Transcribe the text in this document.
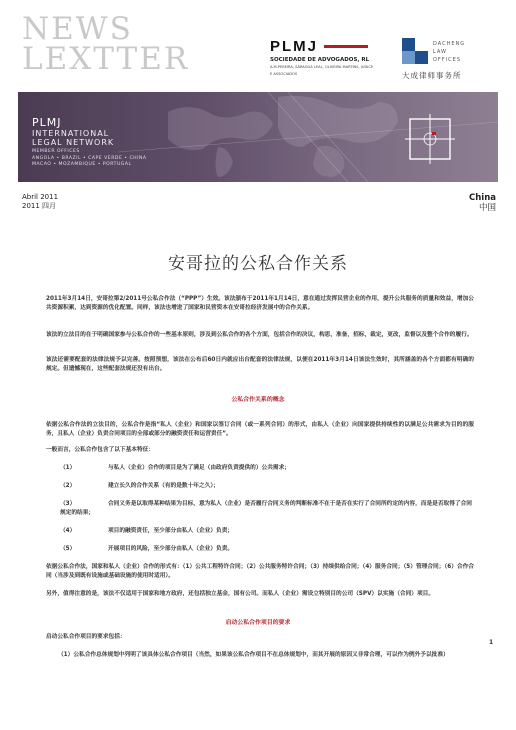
NEWS
LEXTTER	PLMJ
SOCIEDADE DE ADVOGADOS, RL
A.M.PEREIRA, SÁRAGGA LEAL, OLIVEIRA MARTINS, JÚDICE
E ASSOCIADOS
DACHENG
LAW
OFFICES
大成律师事务所
PLMJ
INTERNATIONAL
LEGAL NETWORK
MEMBER OFFICES
ANGOLA • BRAZIL • CAPE VERDE • CHINA
MACAO • MOZAMBIQUE • PORTUGAL
Abril 2011
2011 四月
China
中国
安哥拉的公私合作关系
2011年3月14日，安哥拉第2/2011号公私合作法（“PPP”）生效。该法颁布于2011年1月14日，意在通过发挥民营企业的作用，提升公共服务的质量和效益，增加公共资源积累，达到资源的优化配置。同样，该法也增进了国家和民营资本在安哥拉经济发展中的合作关系。
该法的立法目的在于明确国家参与公私合作的一些基本原则，涉及到公私合作的各个方面，包括合作的决议，构思，准备，招标，裁定，更改，监督以及整个合作的履行。
该法还需要配套的法律法规予以完善。按照预想，该法在公布后60日内就应出台配套的法律法规，以便在2011年3月14日该法生效时，其所涵盖的各个方面都有明确的规定。但遗憾现在，这些配套法规还没有出台。
公私合作关系的概念
依据公私合作法的立法目的，公私合作是指“私人（企业）和国家以签订合同（或一系列合同）的形式，由私人（企业）向国家提供持续性的以满足公共需求为目的的服务，且私人（企业）负责合同项目的全部或部分的融资责任和运营责任”。
一般而言，公私合作包含了以下基本特征：
（1）	与私人（企业）合作的项目是为了满足（由政府负责提供的）公共需求；
（2）	建立长久的合作关系（有的是数十年之久）；
（3）	合同义务是以取得某种结果为目标，意为私人（企业）是否履行合同义务的判断标准不在于是否在实行了合同所约定的内容，而是是否取得了合同规定的结果；
（4）	项目的融资责任，至少部分由私人（企业）负责；
（5）	开展项目的风险，至少部分由私人（企业）负责。
依据公私合作法，国家和私人（企业）合作的形式有：（1）公共工程特许合同；（2）公共服务特许合同；（3）持续供给合同；（4）服务合同；（5）管理合同；（6）合作合同（当涉及到既有设施或基础设施的使用时适用）。
另外，值得注意的是，该法不仅适用于国家和地方政府，还包括独立基金，国有公司。而私人（企业）需设立特别目的公司（SPV）以实施（合同）项目。
启动公私合作项目的要求
启动公私合作项目的要求包括：
（1）公私合作总体规划中列明了该具体公私合作项目（当然，如果该公私合作项目不在总体规划中，而其开展的原因又非常合理，可以作为例外予以批准）
1
